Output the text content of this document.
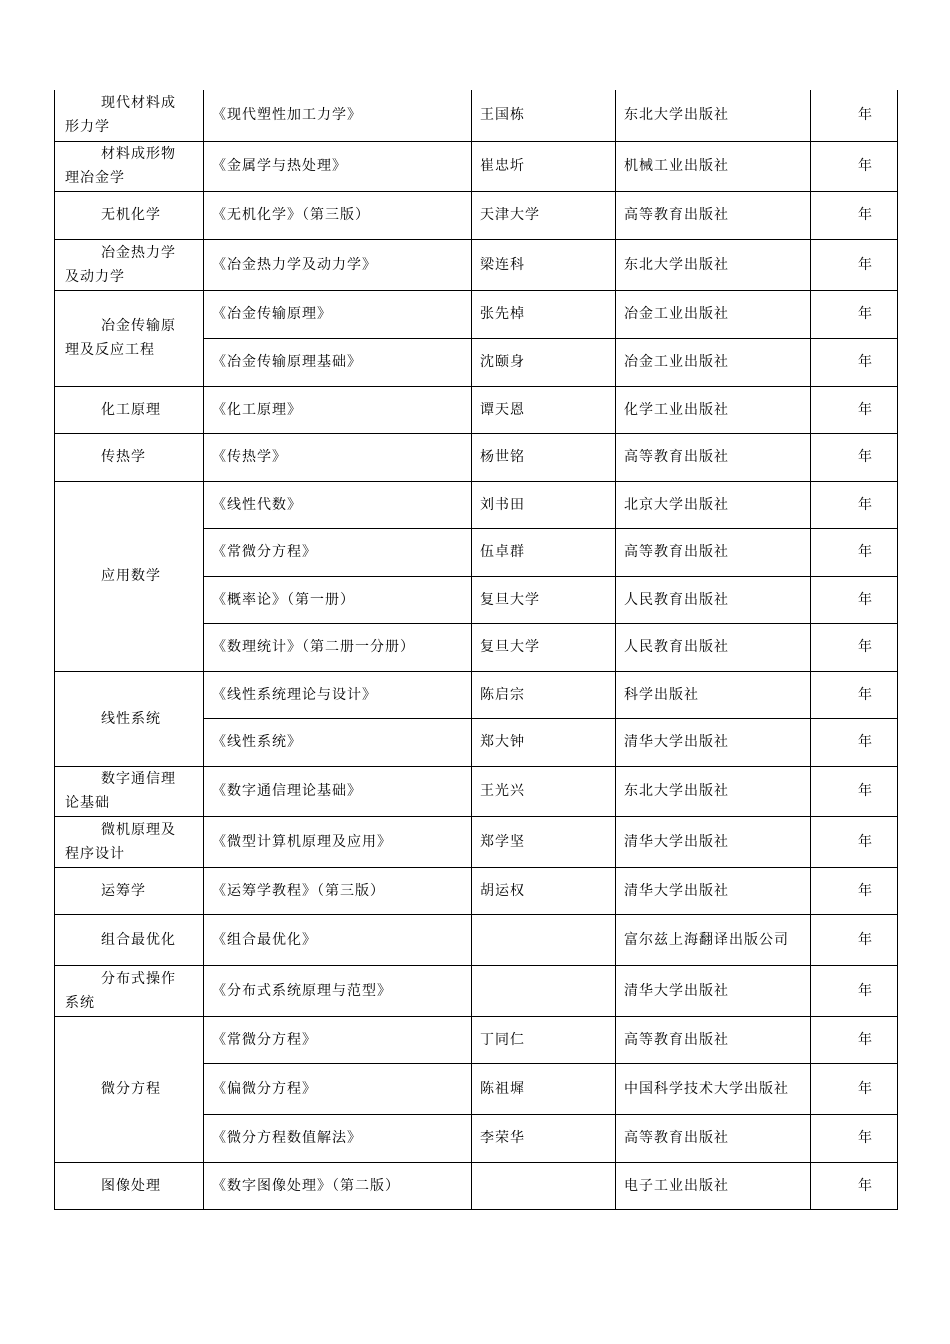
现代材料成形力学	《现代塑性加工力学》	王国栋	东北大学出版社	年

材料成形物理冶金学	《金属学与热处理》	崔忠圻	机械工业出版社	年

无机化学	《无机化学》（第三版）	天津大学	高等教育出版社	年

冶金热力学及动力学	《冶金热力学及动力学》	梁连科	东北大学出版社	年

冶金传输原理及反应工程	《冶金传输原理》	张先棹	冶金工业出版社	年
	《冶金传输原理基础》	沈颐身	冶金工业出版社	年

化工原理	《化工原理》	谭天恩	化学工业出版社	年

传热学	《传热学》	杨世铭	高等教育出版社	年

应用数学	《线性代数》	刘书田	北京大学出版社	年
	《常微分方程》	伍卓群	高等教育出版社	年
	《概率论》（第一册）	复旦大学	人民教育出版社	年
	《数理统计》（第二册一分册）	复旦大学	人民教育出版社	年

线性系统	《线性系统理论与设计》	陈启宗	科学出版社	年
	《线性系统》	郑大钟	清华大学出版社	年

数字通信理论基础	《数字通信理论基础》	王光兴	东北大学出版社	年

微机原理及程序设计	《微型计算机原理及应用》	郑学坚	清华大学出版社	年

运筹学	《运筹学教程》（第三版）	胡运权	清华大学出版社	年

组合最优化	《组合最优化》		富尔兹上海翻译出版公司	年

分布式操作系统	《分布式系统原理与范型》		清华大学出版社	年

微分方程	《常微分方程》	丁同仁	高等教育出版社	年
	《偏微分方程》	陈祖墀	中国科学技术大学出版社	年
	《微分方程数值解法》	李荣华	高等教育出版社	年

图像处理	《数字图像处理》（第二版）		电子工业出版社	年
